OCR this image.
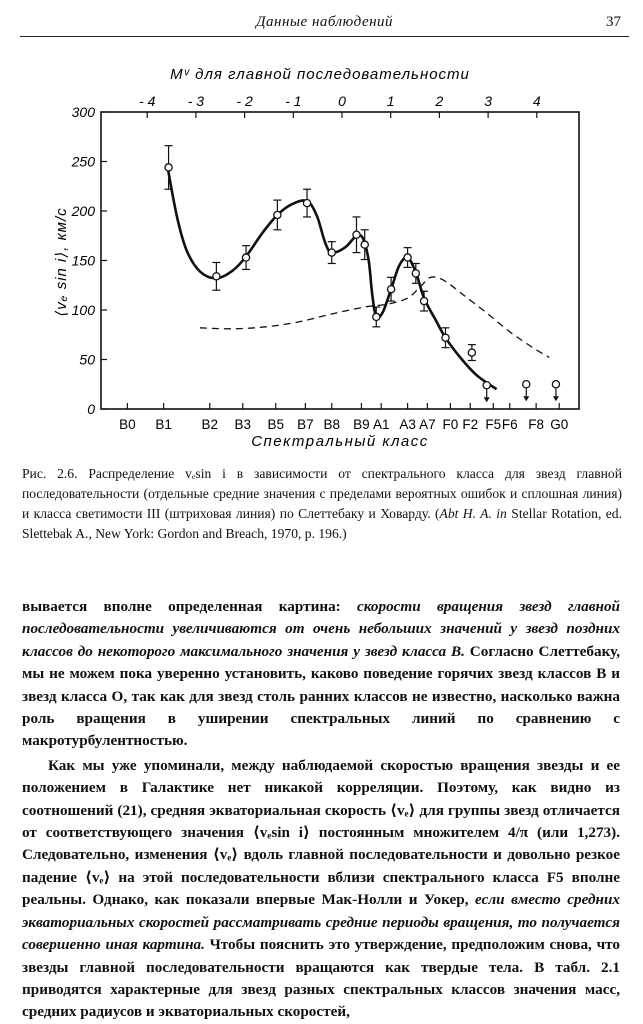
Данные наблюдений	37
Mᵛ для главной последовательности
- 4 - 3 - 2 - 1	0	1	2	3	4
0
50
100
150
200
250
300
B0 B1 B2 B3 B5 B7 B8 B9 A1 A3 A7 F0 F2 F5 F6 F8 G0
⟨vₑ sin i⟩, км/с
Спектральный класс
Рис. 2.6. Распределение vₑsin i в зависимости от спектрального класса для звезд главной последовательности (отдельные средние значения с пределами вероятных ошибок и сплошная линия) и класса светимости III (штриховая линия) по Слеттебаку и Ховарду. (Abt H. A. in Stellar Rotation, ed. Slettebak A., New York: Gordon and Breach, 1970, p. 196.)

вывается вполне определенная картина: скорости вращения звезд главной последовательности увеличиваются от очень небольших значений у звезд поздних классов до некоторого максимального значения у звезд класса B. Согласно Слеттебаку, мы не можем пока уверенно установить, каково поведение горячих звезд классов B и звезд класса O, так как для звезд столь ранних классов не известно, насколько важна роль вращения в уширении спектральных линий по сравнению с макротурбулентностью.

Как мы уже упоминали, между наблюдаемой скоростью вращения звезды и ее положением в Галактике нет никакой корреляции. Поэтому, как видно из соотношений (21), средняя экваториальная скорость ⟨vₑ⟩ для группы звезд отличается от соответствующего значения ⟨vₑsin i⟩ постоянным множителем 4/π (или 1,273). Следовательно, изменения ⟨vₑ⟩ вдоль главной последовательности и довольно резкое падение ⟨vₑ⟩ на этой последовательности вблизи спектрального класса F5 вполне реальны. Однако, как показали впервые Мак-Нолли и Уокер, если вместо средних экваториальных скоростей рассматривать средние периоды вращения, то получается совершенно иная картина. Чтобы пояснить это утверждение, предположим снова, что звезды главной последовательности вращаются как твердые тела. В табл. 2.1 приводятся характерные для звезд разных спектральных классов значения масс, средних радиусов и экваториальных скоростей,
